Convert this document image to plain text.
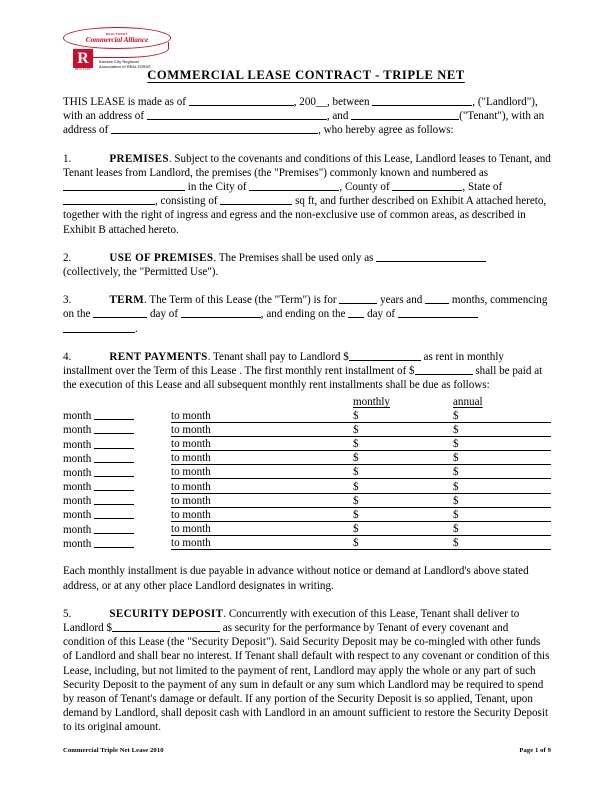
REALTORS®
Commercial Alliance
R
REALTOR®
Kansas City Regional
Association of REALTORS®
COMMERCIAL LEASE CONTRACT - TRIPLE NET

THIS LEASE is made as of	, 200__, between	, ("Landlord"), with an address of	, and	("Tenant"), with an address of	, who hereby agree as follows:

1.	PREMISES. Subject to the covenants and conditions of this Lease, Landlord leases to Tenant, and Tenant leases from Landlord, the premises (the "Premises") commonly known and numbered as  in the City of	, County of	, State of , consisting of	sq ft, and further described on Exhibit A attached hereto, together with the right of ingress and egress and the non-exclusive use of common areas, as described in Exhibit B attached hereto.

2.	USE OF PREMISES. The Premises shall be used only as
(collectively, the "Permitted Use").

3.	TERM. The Term of this Lease (the "Term") is for	years and  months, commencing on the	day of	, and ending on the  day of
.

4.	RENT PAYMENTS. Tenant shall pay to Landlord $	as rent in monthly installment over the Term of this Lease . The first monthly rent installment of $	shall be paid at the execution of this Lease and all subsequent monthly rent installments shall be due as follows:

		monthly	annual
month	to month	$	$
month	to month	$	$
month	to month	$	$
month	to month	$	$
month	to month	$	$
month	to month	$	$
month	to month	$	$
month	to month	$	$
month	to month	$	$
month	to month	$	$

Each monthly installment is due payable in advance without notice or demand at Landlord's above stated address, or at any other place Landlord designates in writing.

5.	SECURITY DEPOSIT. Concurrently with execution of this Lease, Tenant shall deliver to Landlord $	as security for the performance by Tenant of every covenant and condition of this Lease (the "Security Deposit"). Said Security Deposit may be co-mingled with other funds of Landlord and shall bear no interest. If Tenant shall default with respect to any covenant or condition of this Lease, including, but not limited to the payment of rent, Landlord may apply the whole or any part of such Security Deposit to the payment of any sum in default or any sum which Landlord may be required to spend by reason of Tenant's damage or default. If any portion of the Security Deposit is so applied, Tenant, upon demand by Landlord, shall deposit cash with Landlord in an amount sufficient to restore the Security Deposit to its original amount.

Commercial Triple Net Lease 2010	Page 1 of 9
